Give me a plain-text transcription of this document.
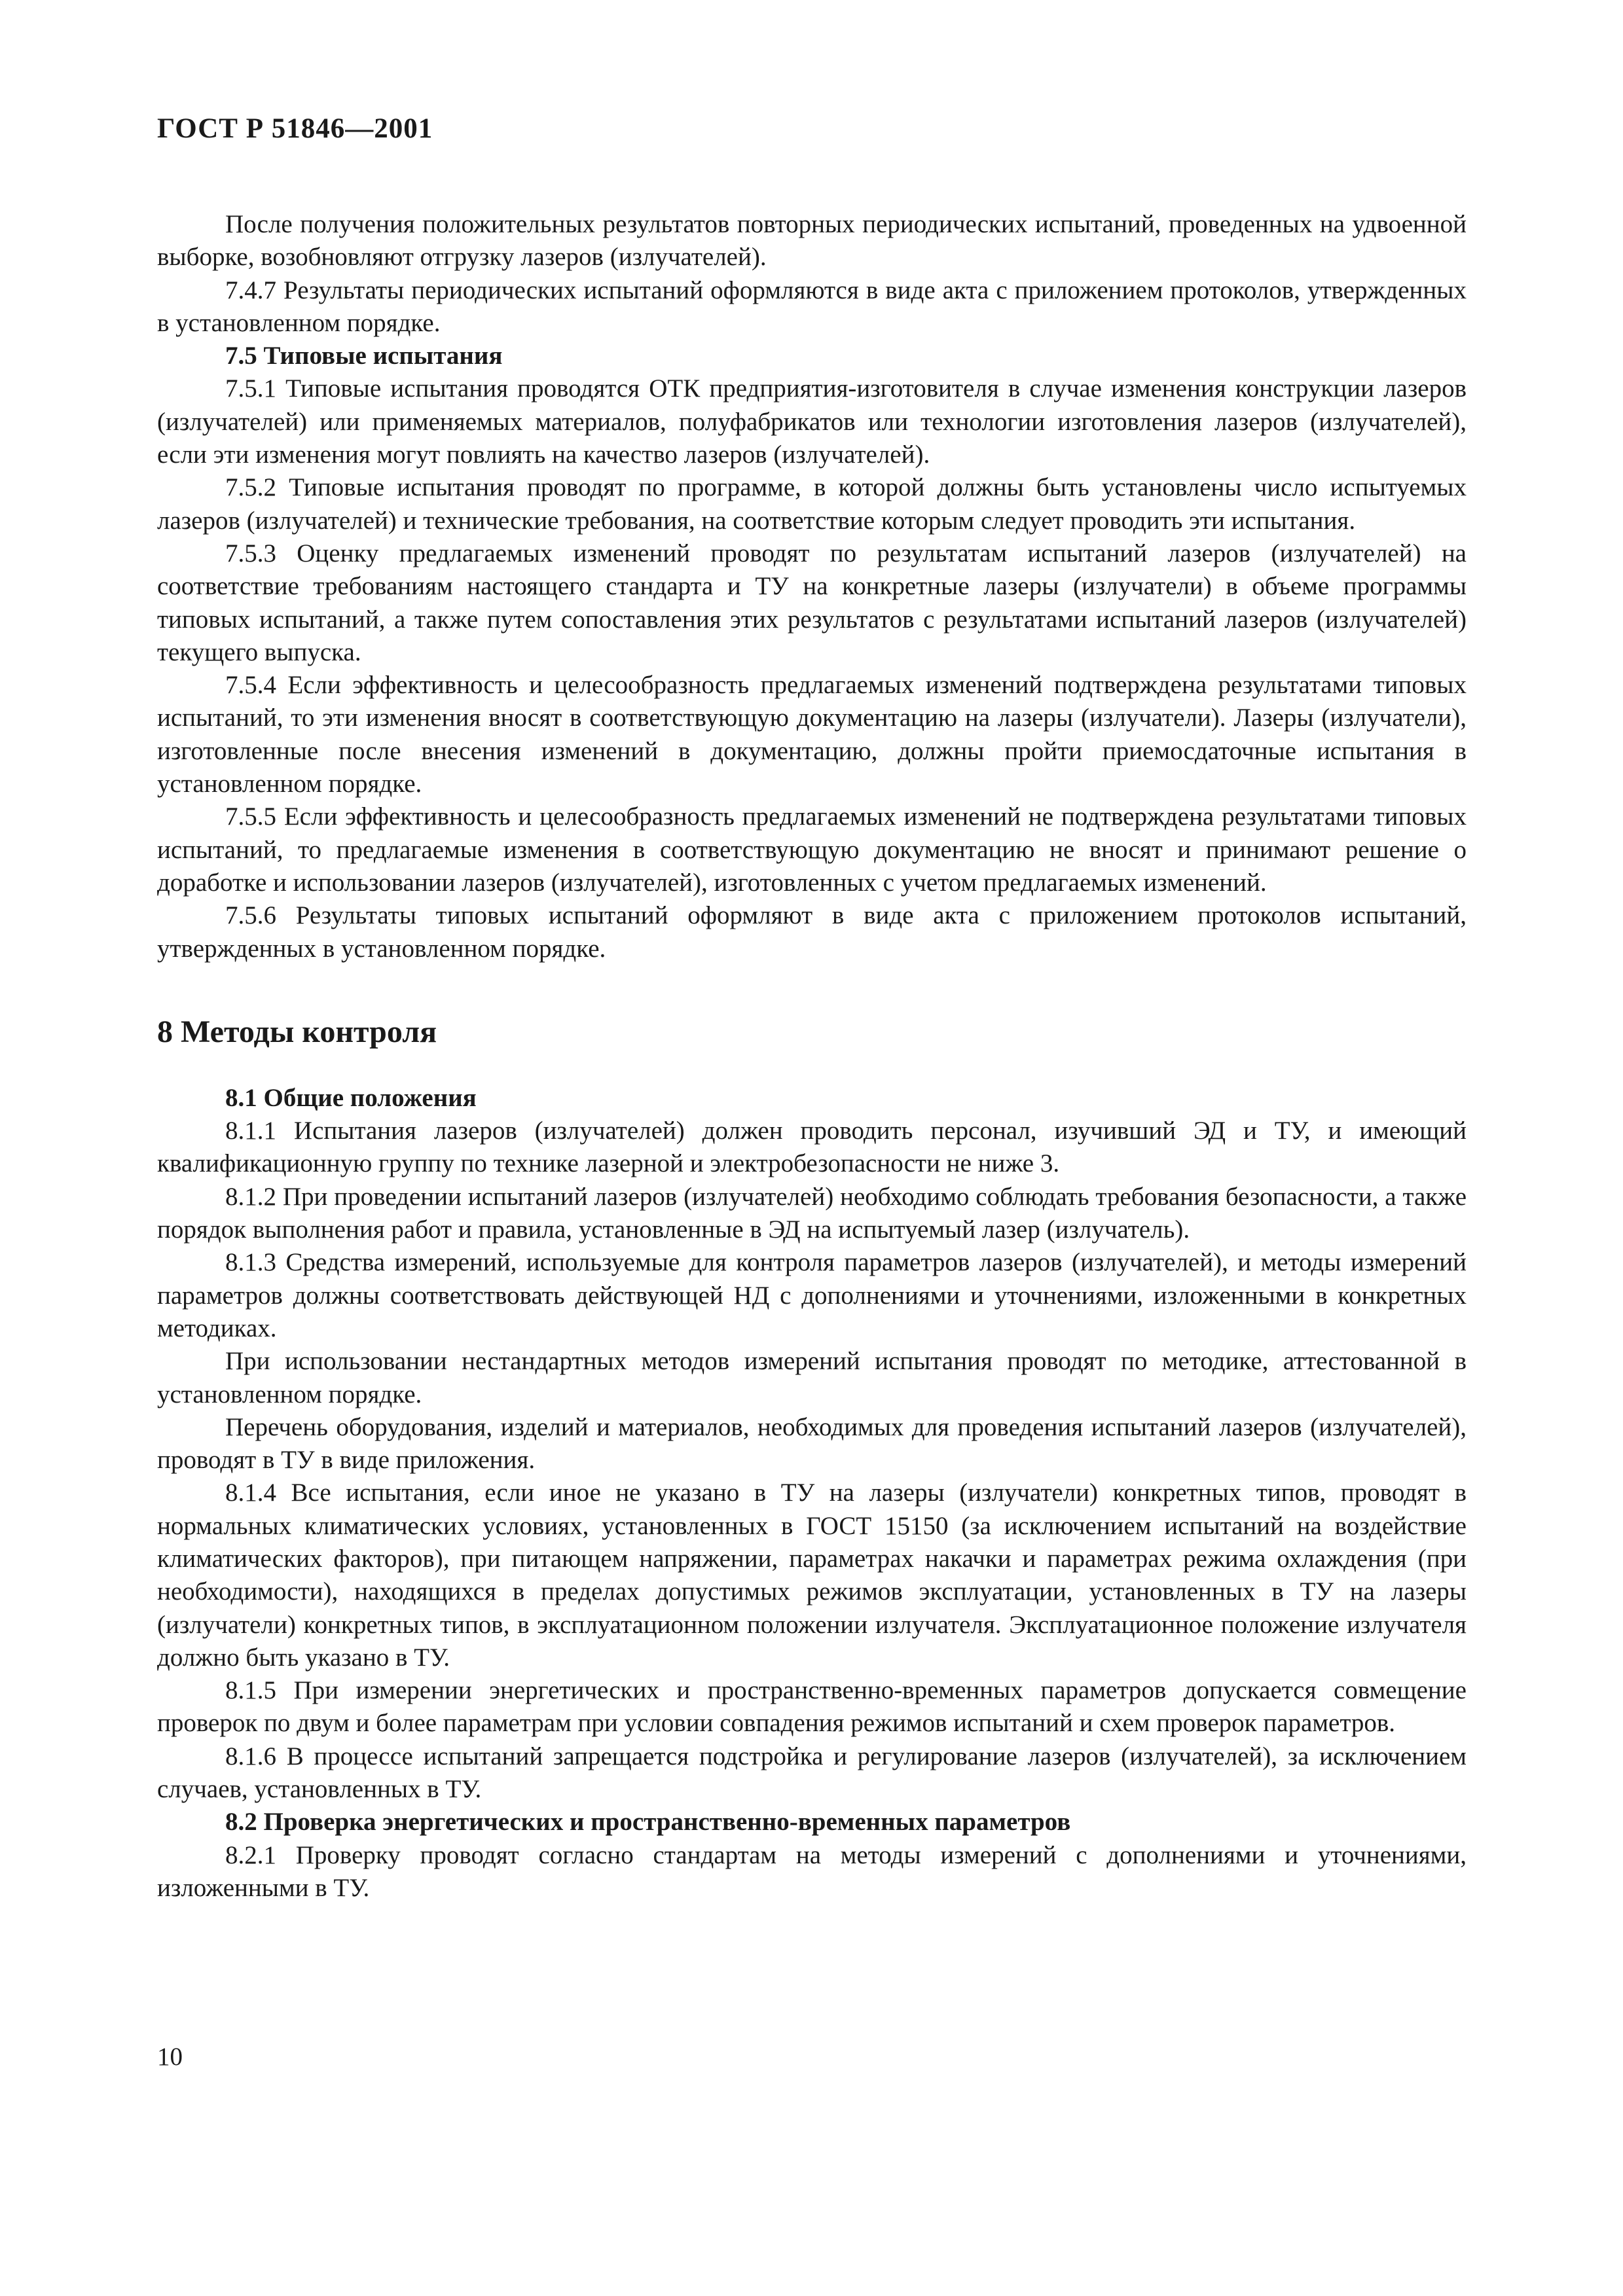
ГОСТ Р 51846—2001

После получения положительных результатов повторных периодических испытаний, проведенных на удвоенной выборке, возобновляют отгрузку лазеров (излучателей).

7.4.7 Результаты периодических испытаний оформляются в виде акта с приложением протоколов, утвержденных в установленном порядке.

7.5 Типовые испытания

7.5.1 Типовые испытания проводятся ОТК предприятия-изготовителя в случае изменения конструкции лазеров (излучателей) или применяемых материалов, полуфабрикатов или технологии изготовления лазеров (излучателей), если эти изменения могут повлиять на качество лазеров (излучателей).

7.5.2 Типовые испытания проводят по программе, в которой должны быть установлены число испытуемых лазеров (излучателей) и технические требования, на соответствие которым следует проводить эти испытания.

7.5.3 Оценку предлагаемых изменений проводят по результатам испытаний лазеров (излучателей) на соответствие требованиям настоящего стандарта и ТУ на конкретные лазеры (излучатели) в объеме программы типовых испытаний, а также путем сопоставления этих результатов с результатами испытаний лазеров (излучателей) текущего выпуска.

7.5.4 Если эффективность и целесообразность предлагаемых изменений подтверждена результатами типовых испытаний, то эти изменения вносят в соответствующую документацию на лазеры (излучатели). Лазеры (излучатели), изготовленные после внесения изменений в документацию, должны пройти приемосдаточные испытания в установленном порядке.

7.5.5 Если эффективность и целесообразность предлагаемых изменений не подтверждена результатами типовых испытаний, то предлагаемые изменения в соответствующую документацию не вносят и принимают решение о доработке и использовании лазеров (излучателей), изготовленных с учетом предлагаемых изменений.

7.5.6 Результаты типовых испытаний оформляют в виде акта с приложением протоколов испытаний, утвержденных в установленном порядке.

8 Методы контроля

8.1 Общие положения

8.1.1 Испытания лазеров (излучателей) должен проводить персонал, изучивший ЭД и ТУ, и имеющий квалификационную группу по технике лазерной и электробезопасности не ниже 3.

8.1.2 При проведении испытаний лазеров (излучателей) необходимо соблюдать требования безопасности, а также порядок выполнения работ и правила, установленные в ЭД на испытуемый лазер (излучатель).

8.1.3 Средства измерений, используемые для контроля параметров лазеров (излучателей), и методы измерений параметров должны соответствовать действующей НД с дополнениями и уточнениями, изложенными в конкретных методиках.

При использовании нестандартных методов измерений испытания проводят по методике, аттестованной в установленном порядке.

Перечень оборудования, изделий и материалов, необходимых для проведения испытаний лазеров (излучателей), проводят в ТУ в виде приложения.

8.1.4 Все испытания, если иное не указано в ТУ на лазеры (излучатели) конкретных типов, проводят в нормальных климатических условиях, установленных в ГОСТ 15150 (за исключением испытаний на воздействие климатических факторов), при питающем напряжении, параметрах накачки и параметрах режима охлаждения (при необходимости), находящихся в пределах допустимых режимов эксплуатации, установленных в ТУ на лазеры (излучатели) конкретных типов, в эксплуатационном положении излучателя. Эксплуатационное положение излучателя должно быть указано в ТУ.

8.1.5 При измерении энергетических и пространственно-временных параметров допускается совмещение проверок по двум и более параметрам при условии совпадения режимов испытаний и схем проверок параметров.

8.1.6 В процессе испытаний запрещается подстройка и регулирование лазеров (излучателей), за исключением случаев, установленных в ТУ.

8.2 Проверка энергетических и пространственно-временных параметров

8.2.1 Проверку проводят согласно стандартам на методы измерений с дополнениями и уточнениями, изложенными в ТУ.

10
